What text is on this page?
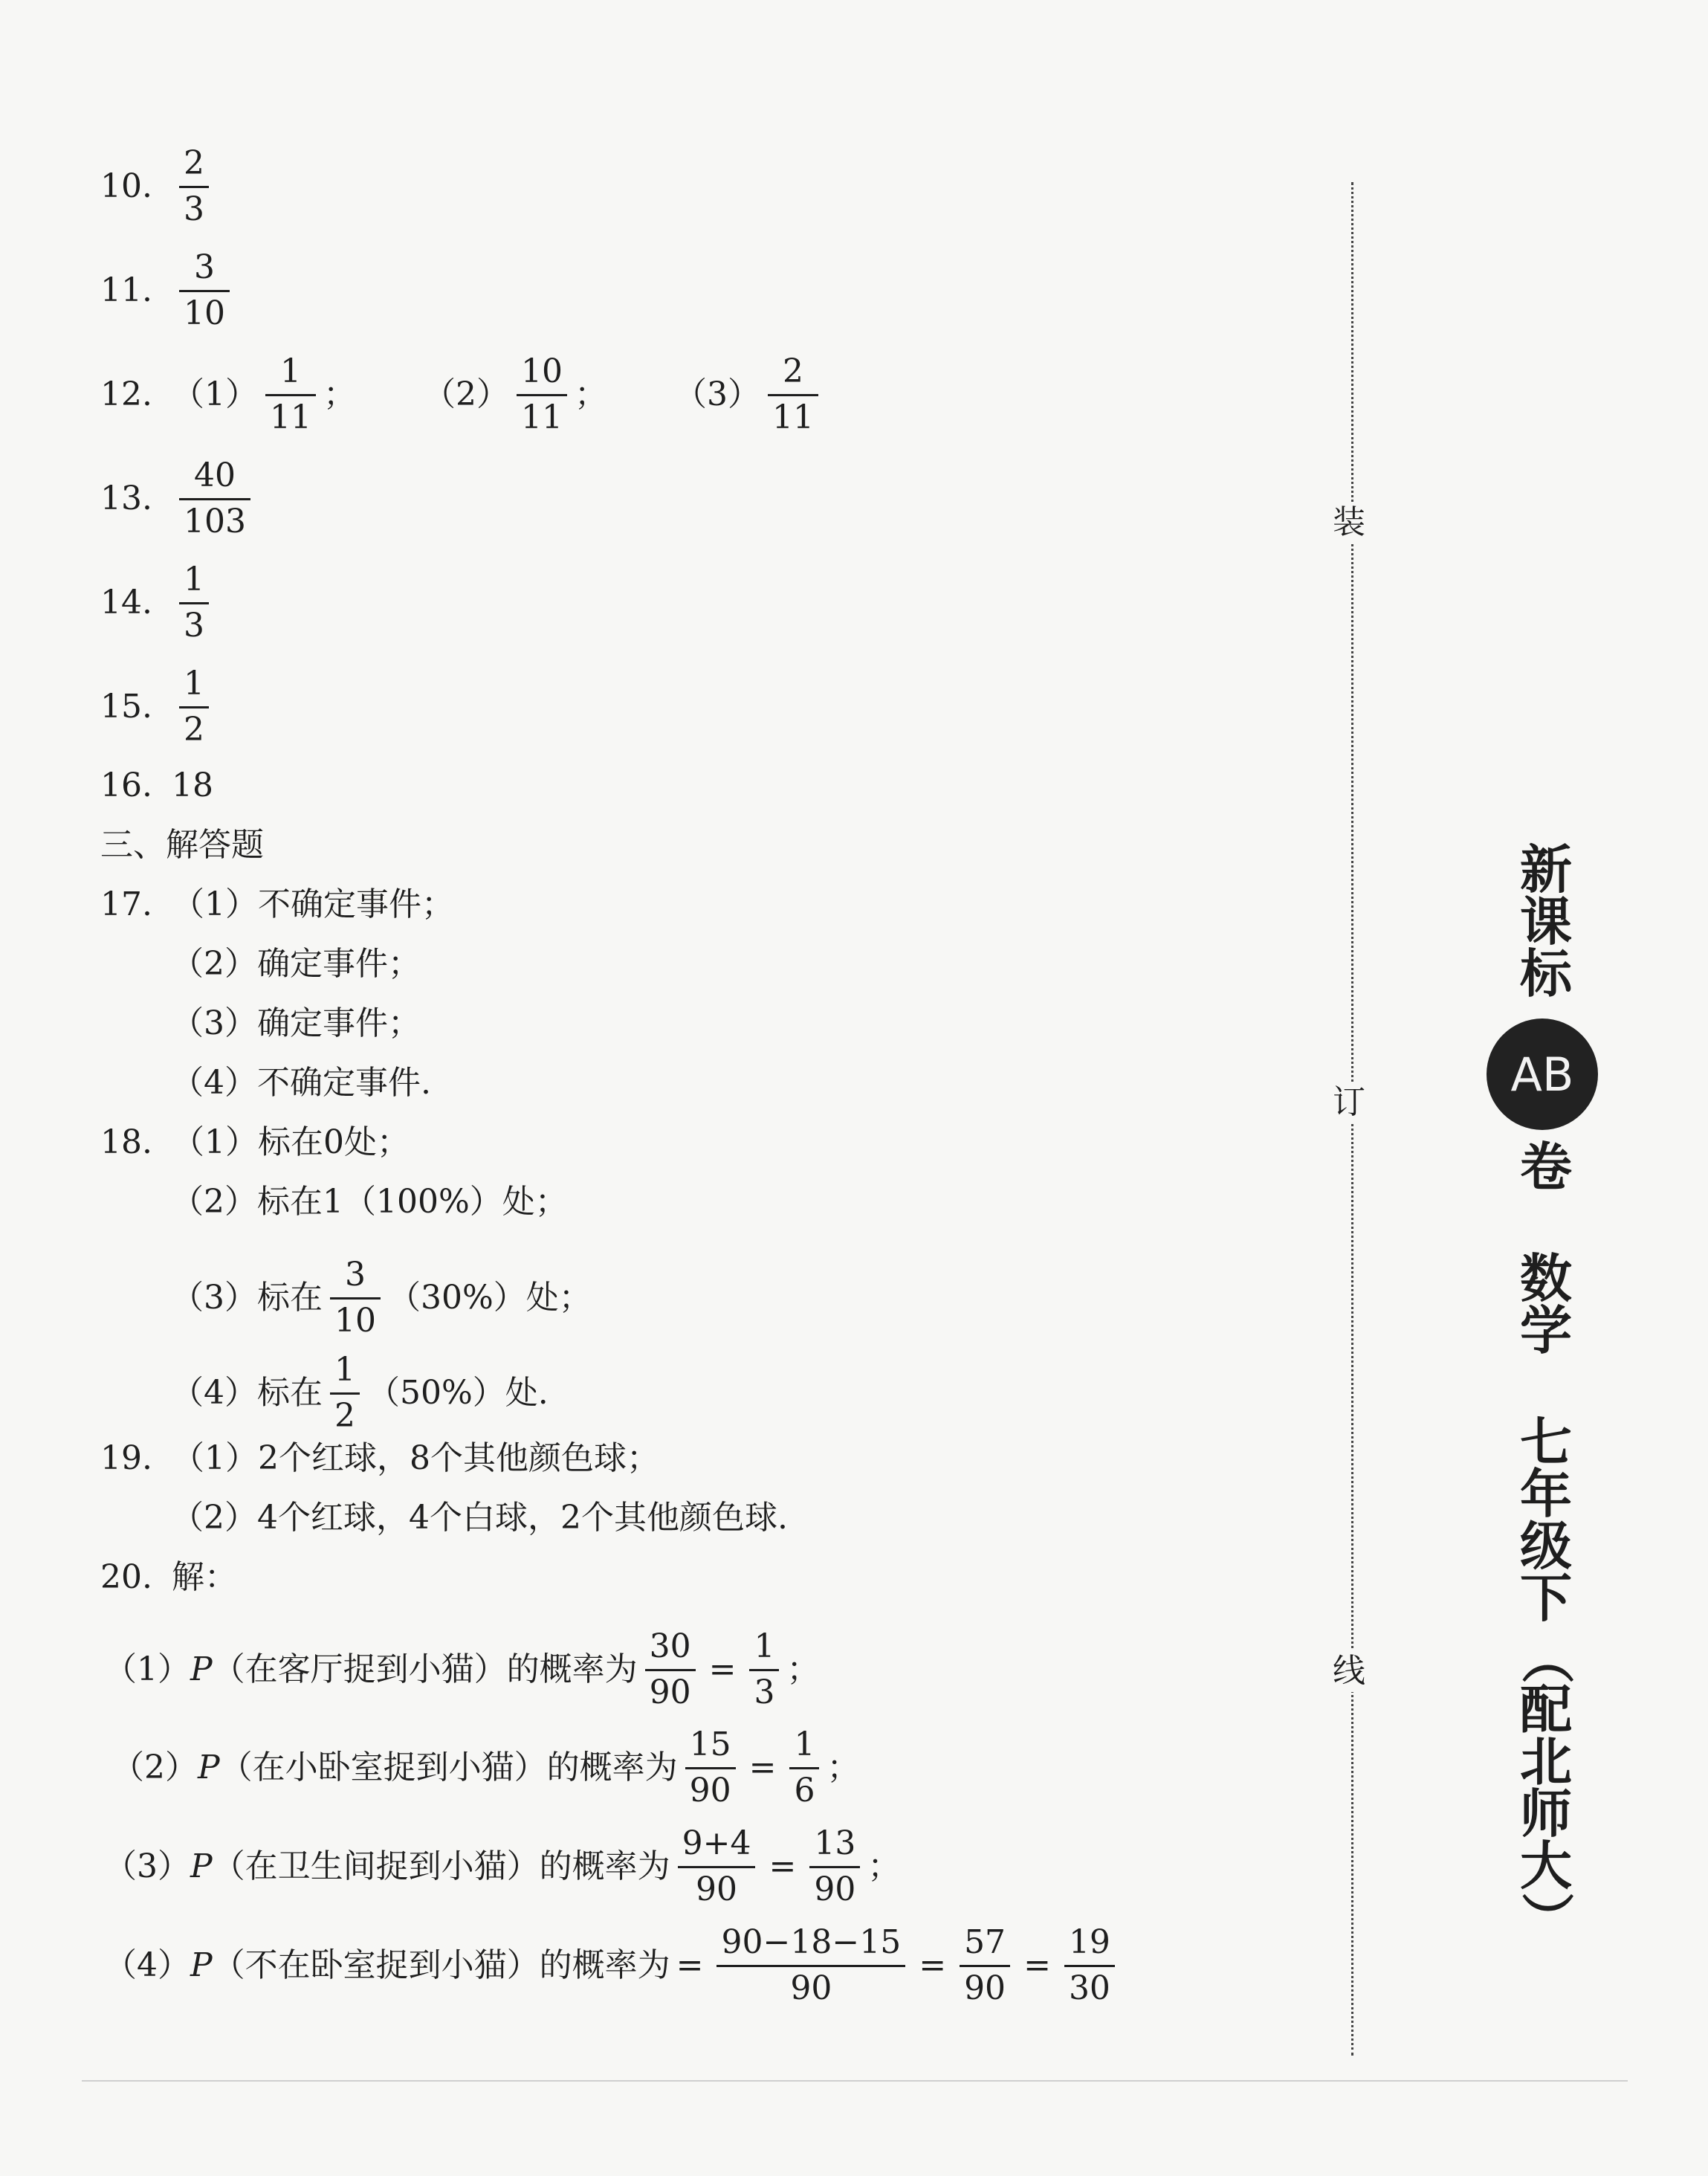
10. $\frac{2}{3}$
11. $\frac{3}{10}$
12. $(1) \frac{1}{11}$ ； $(2) \frac{10}{11}$ ； $(3) \frac{2}{11}$
13. $\frac{40}{103}$
14. $\frac{1}{3}$
15. $\frac{1}{2}$
16. 18
三、解答题
17. （1）不确定事件；
（2）确定事件；
（3）确定事件；
（4）不确定事件.
18. （1）标在0处；
（2）标在1（100%）处；
（3）标在 $\frac{3}{10} (30\%)$处；
（4）标在 $\frac{1}{2} (50\%)$处.
19. （1）2个红球，8个其他颜色球；
（2）4个红球，4个白球，2个其他颜色球.
20. 解：
（1） P （在客厅捉到小猫）的概率为 $\frac{30}{90} = \frac{1}{3}$ ；
（2） P （在小卧室捉到小猫）的概率为 $\frac{15}{90} = \frac{1}{6}$ ；
（3） P （在卫生间捉到小猫）的概率为 $\frac{9+4}{90} = \frac{13}{90}$ ；
（4） P （不在卧室捉到小猫）的概率为 = $\frac{90-18-15}{90} = \frac{57}{90} = \frac{19}{30}$
装
订
线
新
课
标
AB
卷
数
学
七
年
级
下
（
配
北
师
大
）
